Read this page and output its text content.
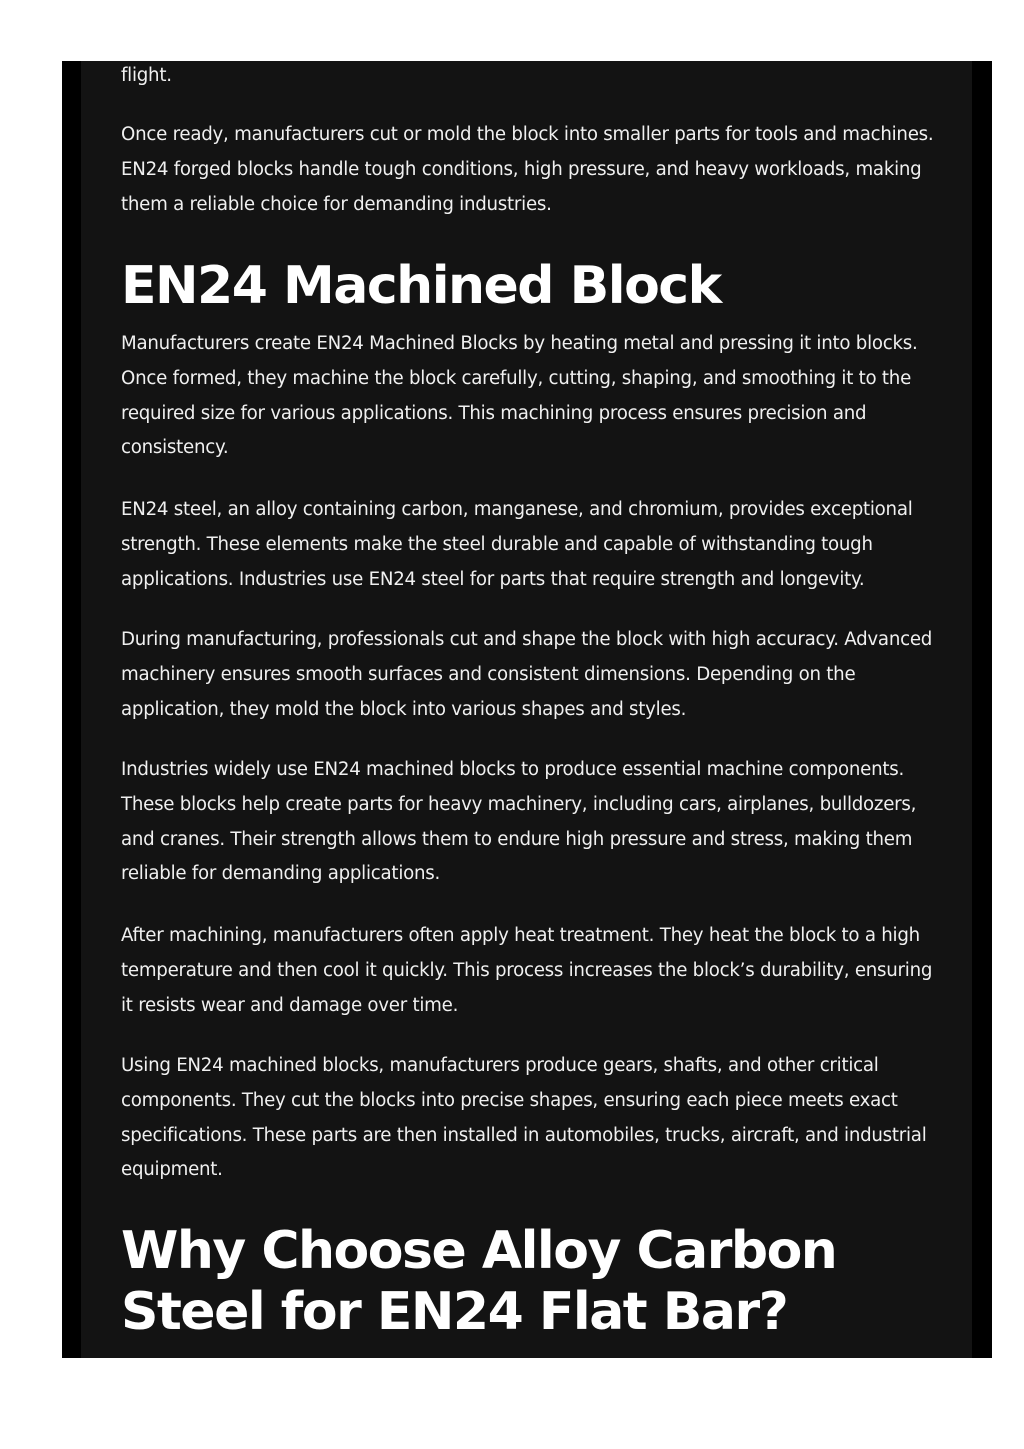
flight.

Once ready, manufacturers cut or mold the block into smaller parts for tools and machines. EN24 forged blocks handle tough conditions, high pressure, and heavy workloads, making them a reliable choice for demanding industries.

EN24 Machined Block

Manufacturers create EN24 Machined Blocks by heating metal and pressing it into blocks. Once formed, they machine the block carefully, cutting, shaping, and smoothing it to the required size for various applications. This machining process ensures precision and consistency.

EN24 steel, an alloy containing carbon, manganese, and chromium, provides exceptional strength. These elements make the steel durable and capable of withstanding tough applications. Industries use EN24 steel for parts that require strength and longevity.

During manufacturing, professionals cut and shape the block with high accuracy. Advanced machinery ensures smooth surfaces and consistent dimensions. Depending on the application, they mold the block into various shapes and styles.

Industries widely use EN24 machined blocks to produce essential machine components. These blocks help create parts for heavy machinery, including cars, airplanes, bulldozers, and cranes. Their strength allows them to endure high pressure and stress, making them reliable for demanding applications.

After machining, manufacturers often apply heat treatment. They heat the block to a high temperature and then cool it quickly. This process increases the block’s durability, ensuring it resists wear and damage over time.

Using EN24 machined blocks, manufacturers produce gears, shafts, and other critical components. They cut the blocks into precise shapes, ensuring each piece meets exact specifications. These parts are then installed in automobiles, trucks, aircraft, and industrial equipment.

Why Choose Alloy Carbon Steel for EN24 Flat Bar?
